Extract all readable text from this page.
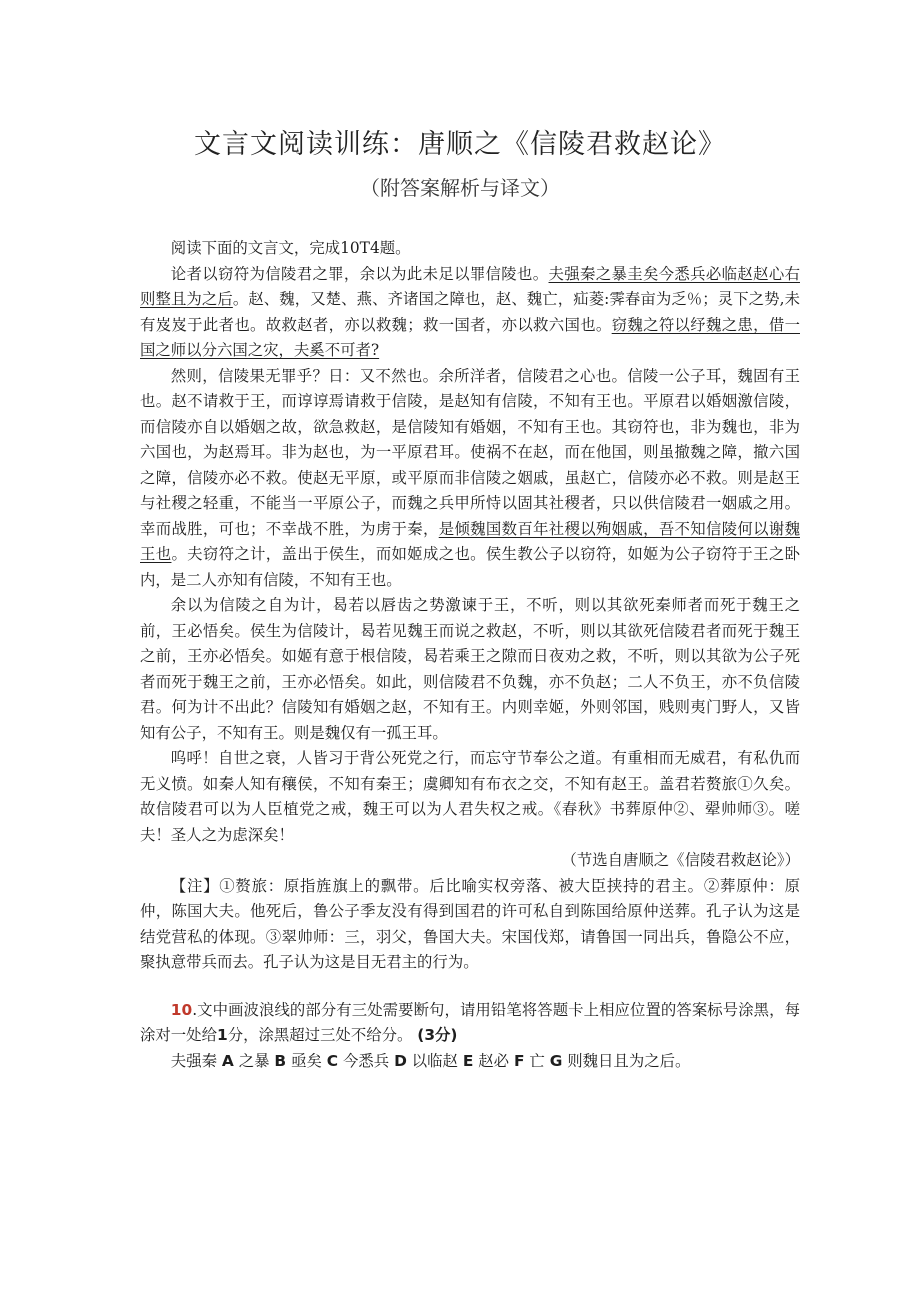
文言文阅读训练：唐顺之《信陵君救赵论》
（附答案解析与译文）

阅读下面的文言文，完成10T4题。

论者以窃符为信陵君之罪，余以为此未足以罪信陵也。夫强秦之暴圭矣今悉兵必临赵赵心右则整且为之后。赵、魏，又楚、燕、齐诸国之障也，赵、魏亡，疝菱:霁春亩为乏％；灵下之势,未有岌岌于此者也。故救赵者，亦以救魏；救一国者，亦以救六国也。窃魏之符以纾魏之患，借一国之师以分六国之灾，夫奚不可者?

然则，信陵果无罪乎？日：又不然也。余所洋者，信陵君之心也。信陵一公子耳，魏固有王也。赵不请救于王，而谆谆焉请救于信陵，是赵知有信陵，不知有王也。平原君以婚姻激信陵，而信陵亦自以婚姻之故，欲急救赵，是信陵知有婚姻，不知有王也。其窃符也，非为魏也，非为六国也，为赵焉耳。非为赵也，为一平原君耳。使祸不在赵，而在他国，则虽撤魏之障，撤六国之障，信陵亦必不救。使赵无平原，或平原而非信陵之姻戚，虽赵亡，信陵亦必不救。则是赵王与社稷之轻重，不能当一平原公子，而魏之兵甲所恃以固其社稷者，只以供信陵君一姻戚之用。幸而战胜，可也；不幸战不胜，为虏于秦，是倾魏国数百年社稷以殉姻戚，吾不知信陵何以谢魏王也。夫窃符之计，盖出于侯生，而如姬成之也。侯生教公子以窃符，如姬为公子窃符于王之卧内，是二人亦知有信陵，不知有王也。

余以为信陵之自为计，曷若以唇齿之势激谏于王，不听，则以其欲死秦师者而死于魏王之前，王必悟矣。侯生为信陵计，曷若见魏王而说之救赵，不听，则以其欲死信陵君者而死于魏王之前，王亦必悟矣。如姬有意于根信陵，曷若乘王之隙而日夜劝之救，不听，则以其欲为公子死者而死于魏王之前，王亦必悟矣。如此，则信陵君不负魏，亦不负赵；二人不负王，亦不负信陵君。何为计不出此？信陵知有婚姻之赵，不知有王。内则幸姬，外则邻国，贱则夷门野人，又皆知有公子，不知有王。则是魏仅有一孤王耳。

呜呼！自世之衰，人皆习于背公死党之行，而忘守节奉公之道。有重相而无威君，有私仇而无义愤。如秦人知有穰侯，不知有秦王；虞卿知有布衣之交，不知有赵王。盖君若赘旅①久矣。故信陵君可以为人臣植党之戒，魏王可以为人君失权之戒。《春秋》书葬原仲②、翚帅师③。嗟夫！圣人之为虑深矣！

（节选自唐顺之《信陵君救赵论》）

【注】①赘旅：原指旌旗上的飘带。后比喻实权旁落、被大臣挟持的君主。②葬原仲：原仲，陈国大夫。他死后，鲁公子季友没有得到国君的许可私自到陈国给原仲送葬。孔子认为这是结党营私的体现。③翠帅师：三，羽父，鲁国大夫。宋国伐郑，请鲁国一同出兵，鲁隐公不应，聚执意带兵而去。孔子认为这是目无君主的行为。

10.文中画波浪线的部分有三处需要断句，请用铅笔将答题卡上相应位置的答案标号涂黑，每涂对一处给1分，涂黑超过三处不给分。 (3分)

夫强秦 A 之暴 B 亟矣 C 今悉兵 D 以临赵 E 赵必 F 亡 G 则魏日且为之后。
